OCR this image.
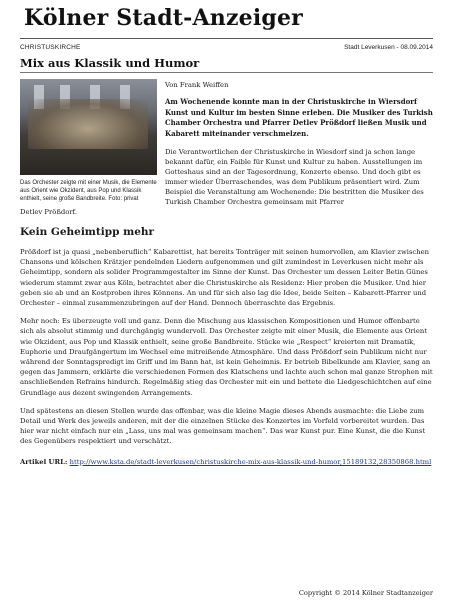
Kölner Stadt-Anzeiger
CHRISTUSKIRCHE	Stadt Leverkusen - 08.09.2014
Mix aus Klassik und Humor
Das Orchester zeigte mit einer Musik, die Elemente aus Orient wie Okzident, aus Pop und Klassik enthielt, seine große Bandbreite. Foto: privat
Von Frank Weiffen
Am Wochenende konnte man in der Christuskirche in Wiersdorf Kunst und Kultur im besten Sinne erleben. Die Musiker des Turkish Chamber Orchestra und Pfarrer Detlev Prößdorf ließen Musik und Kabarett miteinander verschmelzen.

Die Verantwortlichen der Christuskirche in Wiesdorf sind ja schon lange bekannt dafür, ein Faible für Kunst und Kultur zu haben. Ausstellungen im Gotteshaus sind an der Tagesordnung, Konzerte ebenso. Und doch gibt es immer wieder Überraschendes, was dem Publikum präsentiert wird. Zum Beispiel die Veranstaltung am Wochenende: Die bestritten die Musiker des Turkish Chamber Orchestra gemeinsam mit Pfarrer

Detlev Prößdorf.

Kein Geheimtipp mehr

Prößdorf ist ja quasi „nebenberuflich“ Kabarettist, hat bereits Tonträger mit seinen humorvollen, am Klavier zwischen Chansons und kölschen Krätzjer pendelnden Liedern aufgenommen und gilt zumindest in Leverkusen nicht mehr als Geheimtipp, sondern als solider Programmgestalter im Sinne der Kunst. Das Orchester um dessen Leiter Betin Günes wiederum stammt zwar aus Köln, betrachtet aber die Christuskirche als Residenz: Hier proben die Musiker. Und hier geben sie ab und an Kostproben ihres Könnens. An und für sich also lag die Idee, beide Seiten – Kabarett-Pfarrer und Orchester – einmal zusammenzubringen auf der Hand. Dennoch überraschte das Ergebnis.

Mehr noch: Es überzeugte voll und ganz. Denn die Mischung aus klassischen Kompositionen und Humor offenbarte sich als absolut stimmig und durchgängig wundervoll. Das Orchester zeigte mit einer Musik, die Elemente aus Orient wie Okzident, aus Pop und Klassik enthielt, seine große Bandbreite. Stücke wie „Respect“ kreierten mit Dramatik, Euphorie und Draufgängertum im Wechsel eine mitreißende Atmosphäre. Und dass Prößdorf sein Publikum nicht nur während der Sonntagspredigt im Griff und im Bann hat, ist kein Geheimnis. Er betrieb Bibelkunde am Klavier, sang an gegen das Jammern, erklärte die verschiedenen Formen des Klatschens und lachte auch schon mal ganze Strophen mit anschließenden Refrains hindurch. Regelmäßig stieg das Orchester mit ein und bettete die Liedgeschichtchen auf eine Grundlage aus dezent swingenden Arrangements.

Und spätestens an diesen Stellen wurde das offenbar, was die kleine Magie dieses Abends ausmachte: die Liebe zum Detail und Werk des jeweils anderen, mit der die einzelnen Stücke des Konzertes im Vorfeld vorbereitet wurden. Das hier war nicht einfach nur ein „Lass, uns mal was gemeinsam machen“. Das war Kunst pur. Eine Kunst, die die Kunst des Gegenübers respektiert und verschätzt.

Artikel URL: http://www.ksta.de/stadt-leverkusen/christuskirche-mix-aus-klassik-und-humor,15189132,28350868.html
Copyright © 2014 Kölner Stadtanzeiger
